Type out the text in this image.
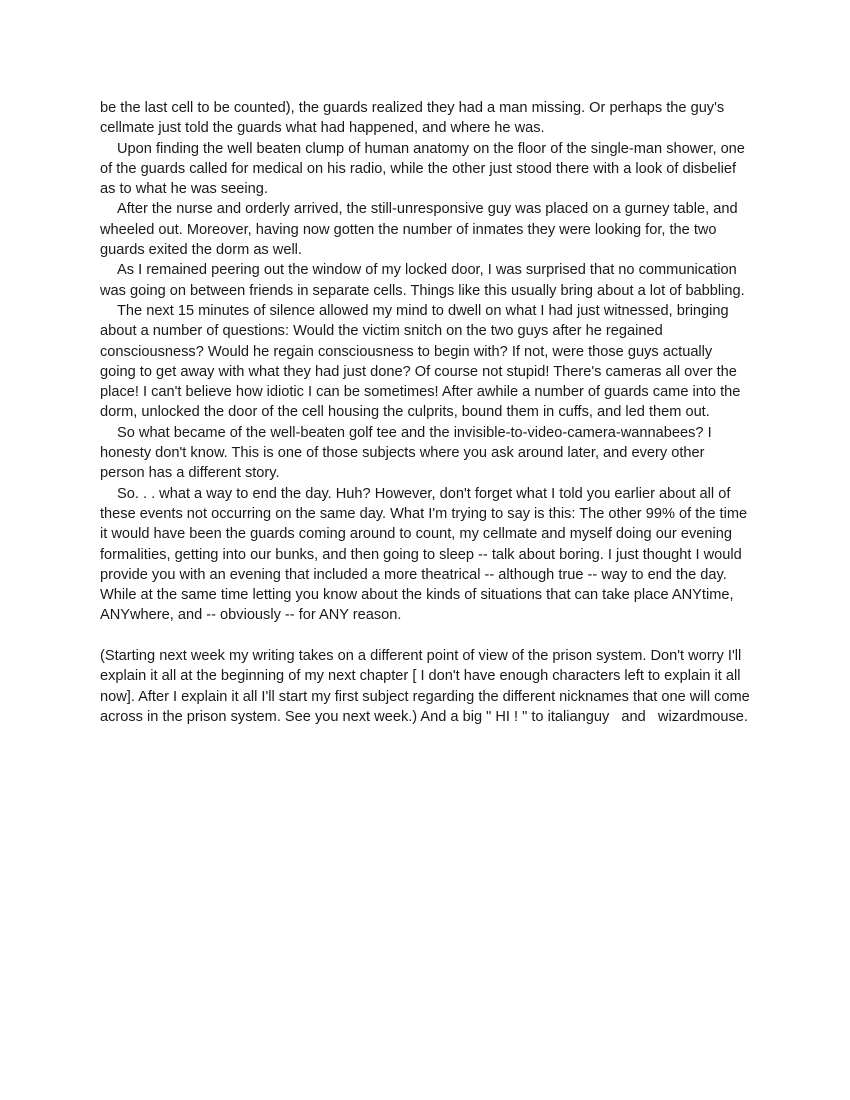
be the last cell to be counted), the guards realized they had a man missing. Or perhaps the guy's cellmate just told the guards what had happened, and where he was.

Upon finding the well beaten clump of human anatomy on the floor of the single-man shower, one of the guards called for medical on his radio, while the other just stood there with a look of disbelief as to what he was seeing.

After the nurse and orderly arrived, the still-unresponsive guy was placed on a gurney table, and wheeled out. Moreover, having now gotten the number of inmates they were looking for, the two guards exited the dorm as well.

As I remained peering out the window of my locked door, I was surprised that no communication was going on between friends in separate cells. Things like this usually bring about a lot of babbling.

The next 15 minutes of silence allowed my mind to dwell on what I had just witnessed, bringing about a number of questions: Would the victim snitch on the two guys after he regained consciousness? Would he regain consciousness to begin with? If not, were those guys actually going to get away with what they had just done? Of course not stupid! There's cameras all over the place! I can't believe how idiotic I can be sometimes! After awhile a number of guards came into the dorm, unlocked the door of the cell housing the culprits, bound them in cuffs, and led them out.

So what became of the well-beaten golf tee and the invisible-to-video-camera-wannabees? I honesty don't know. This is one of those subjects where you ask around later, and every other person has a different story.

So. . . what a way to end the day. Huh? However, don't forget what I told you earlier about all of these events not occurring on the same day. What I'm trying to say is this: The other 99% of the time it would have been the guards coming around to count, my cellmate and myself doing our evening formalities, getting into our bunks, and then going to sleep -- talk about boring. I just thought I would provide you with an evening that included a more theatrical -- although true -- way to end the day. While at the same time letting you know about the kinds of situations that can take place ANYtime, ANYwhere, and -- obviously -- for ANY reason.

(Starting next week my writing takes on a different point of view of the prison system. Don't worry I'll explain it all at the beginning of my next chapter [ I don't have enough characters left to explain it all now]. After I explain it all I'll start my first subject regarding the different nicknames that one will come across in the prison system. See you next week.) And a big " HI ! " to italianguy   and   wizardmouse.
